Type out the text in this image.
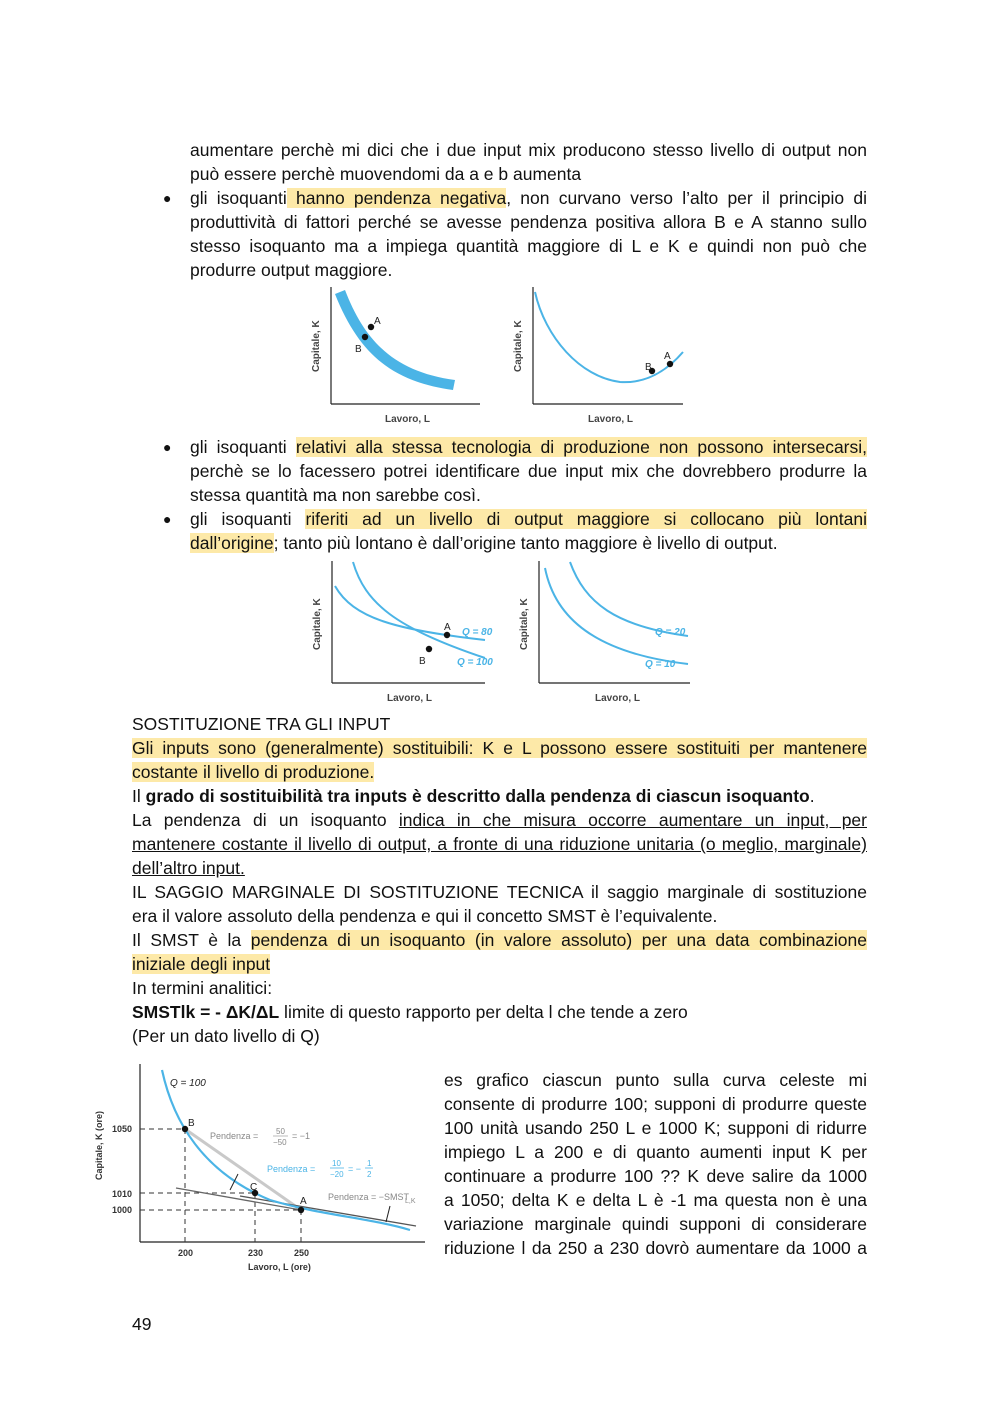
aumentare perchè mi dici che i due input mix producono stesso livello di output non
può essere perchè muovendomi da a e b aumenta
● gli isoquanti hanno pendenza negativa, non curvano verso l’alto per il principio di
produttività di fattori perché se avesse pendenza positiva allora B e A stanno sullo
stesso isoquanto ma a impiega quantità maggiore di L e K e quindi non può che
produrre output maggiore.
A
B
Capitale, K
Lavoro, L
B
A
Capitale, K
Lavoro, L
● gli isoquanti relativi alla stessa tecnologia di produzione non possono intersecarsi,
perchè se lo facessero potrei identificare due input mix che dovrebbero produrre la
stessa quantità ma non sarebbe così.
● gli isoquanti riferiti ad un livello di output maggiore si collocano più lontani
dall’origine; tanto più lontano è dall’origine tanto maggiore è livello di output.
A
B
Q = 80
Q = 100
Capitale, K
Lavoro, L
Q = 20
Q = 10
Capitale, K
Lavoro, L
SOSTITUZIONE TRA GLI INPUT
Gli inputs sono (generalmente) sostituibili: K e L possono essere sostituiti per mantenere
costante il livello di produzione.
Il grado di sostituibilità tra inputs è descritto dalla pendenza di ciascun isoquanto.
La pendenza di un isoquanto indica in che misura occorre aumentare un input, per
mantenere costante il livello di output, a fronte di una riduzione unitaria (o meglio, marginale)
dell’altro input.
IL SAGGIO MARGINALE DI SOSTITUZIONE TECNICA il saggio marginale di sostituzione
era il valore assoluto della pendenza e qui il concetto SMST è l’equivalente.
Il SMST è la pendenza di un isoquanto (in valore assoluto) per una data combinazione
iniziale degli input
In termini analitici:
SMSTlk = - ΔK/ΔL limite di questo rapporto per delta l che tende a zero
(Per un dato livello di Q)
B
C
A
Q = 100
Pendenza = 50
−50
= −1
Pendenza =
10
−20
= −
1
2
Pendenza = −SMST
L,K
1050
1010
1000
200	230	250
Capitale, K (ore)
Lavoro, L (ore)
es grafico ciascun punto sulla curva celeste mi
consente di produrre 100; supponi di produrre queste
100 unità usando 250 L e 1000 K; supponi di ridurre
impiego L a 200 e di quanto aumenti input K per
continuare a produrre 100 ?? K deve salire da 1000
a 1050; delta K e delta L è -1 ma questa non è una
variazione marginale quindi supponi di considerare
riduzione l da 250 a 230 dovrò aumentare da 1000 a
49
